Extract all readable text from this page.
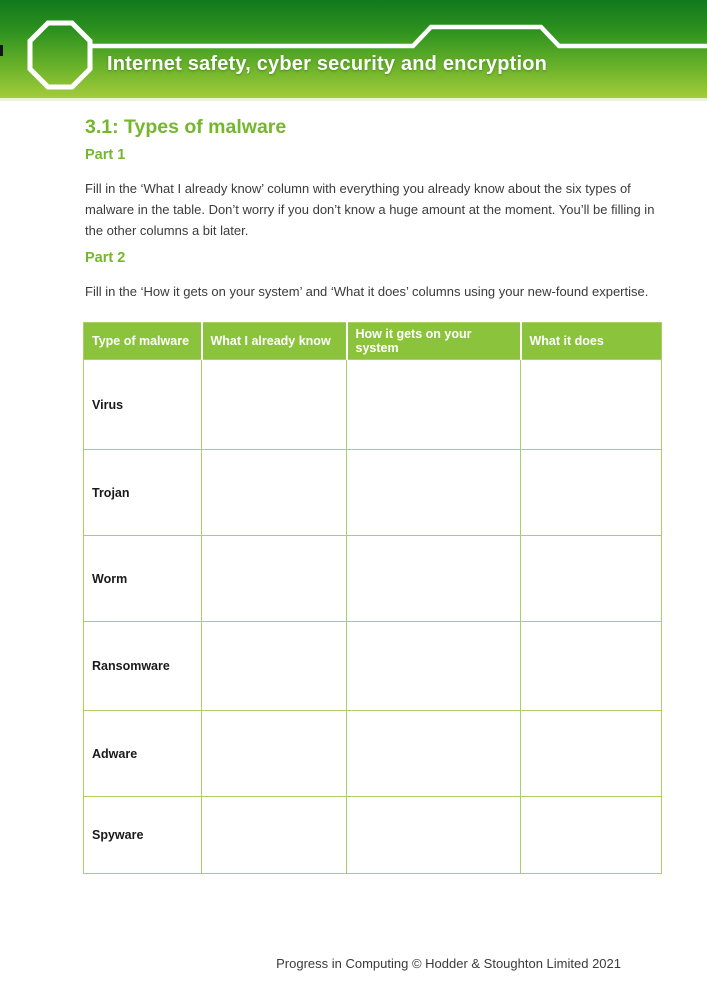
Internet safety, cyber security and encryption
3.1: Types of malware
Part 1
Fill in the ‘What I already know’ column with everything you already know about the six types of malware in the table. Don’t worry if you don’t know a huge amount at the moment. You’ll be filling in the other columns a bit later.
Part 2
Fill in the ‘How it gets on your system’ and ‘What it does’ columns using your new-found expertise.
Type of malware	What I already know	How it gets on your system	What it does
Virus			
Trojan			
Worm			
Ransomware			
Adware			
Spyware			
Progress in Computing © Hodder & Stoughton Limited 2021
